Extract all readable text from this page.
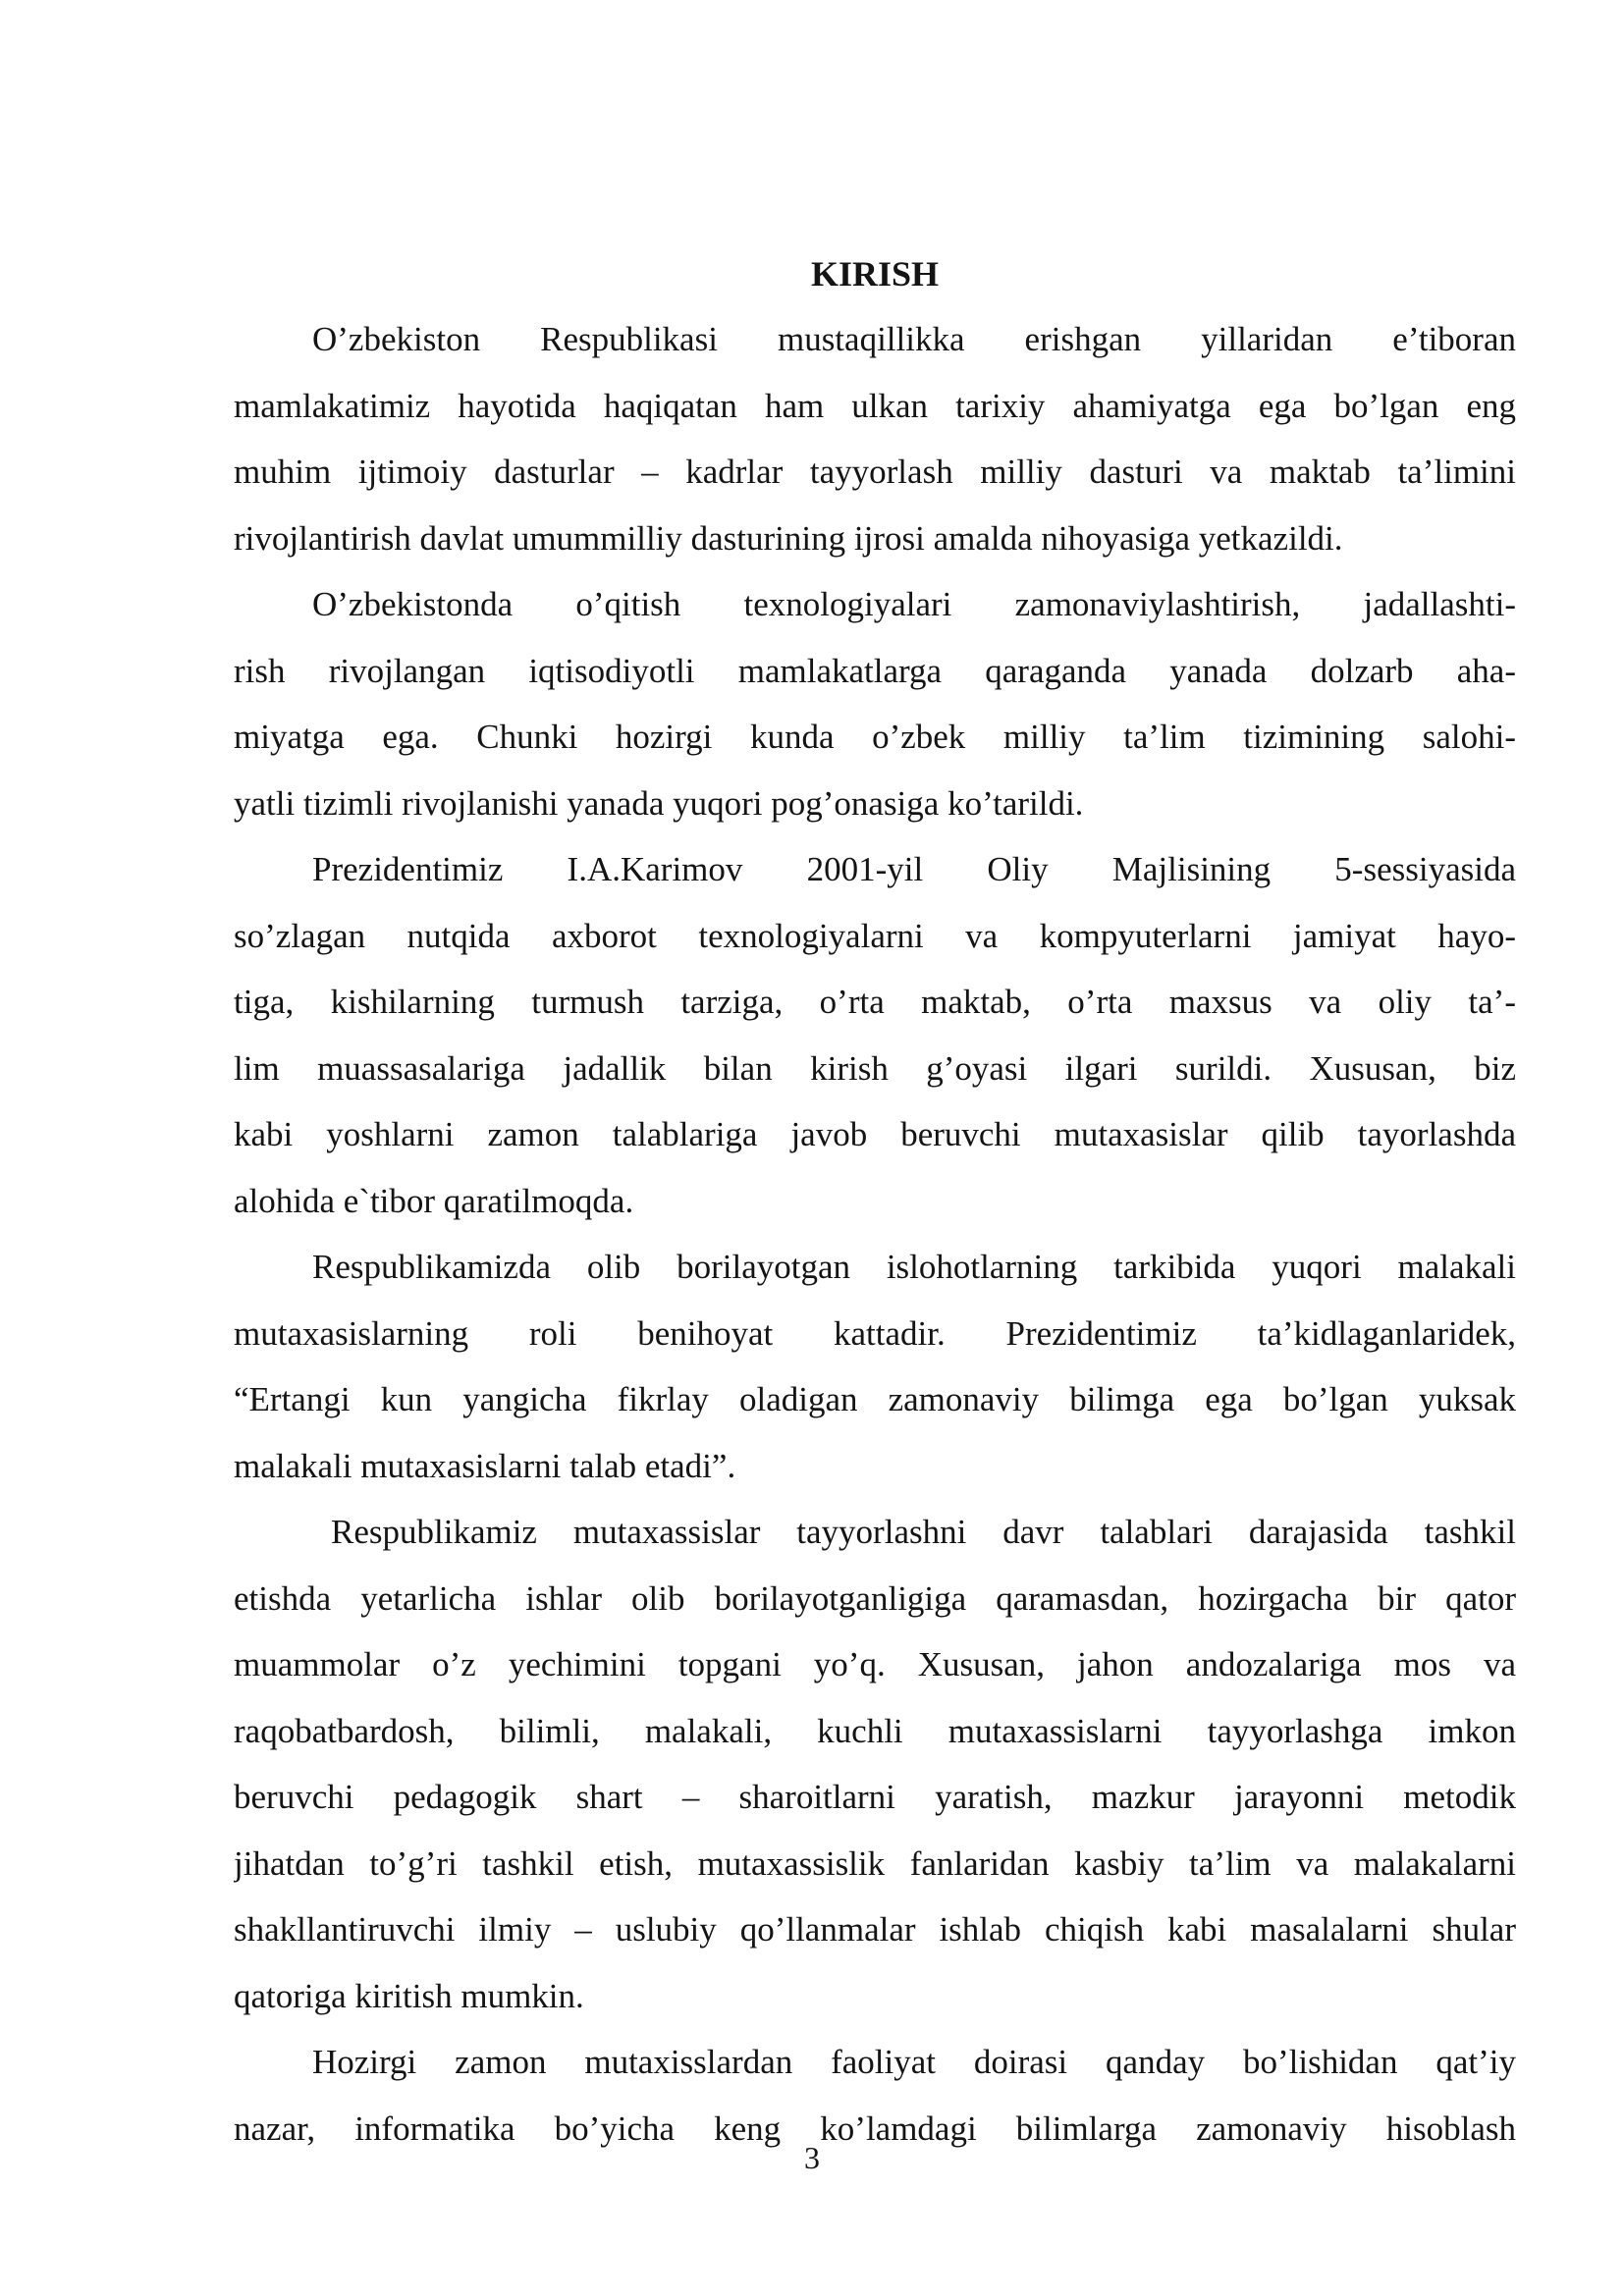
KIRISH

O’zbekiston Respublikasi mustaqillikka erishgan yillaridan e’tiboran
mamlakatimiz hayotida haqiqatan ham ulkan tarixiy ahamiyatga ega bo’lgan eng
muhim ijtimoiy dasturlar – kadrlar tayyorlash milliy dasturi va maktab ta’limini
rivojlantirish davlat umummilliy dasturining ijrosi amalda nihoyasiga yetkazildi.

O’zbekistonda o’qitish texnologiyalari zamonaviylashtirish, jadallashti-
rish rivojlangan iqtisodiyotli mamlakatlarga qaraganda yanada dolzarb aha-
miyatga ega. Chunki hozirgi kunda o’zbek milliy ta’lim tizimining salohi-
yatli tizimli rivojlanishi yanada yuqori pog’onasiga ko’tarildi.

Prezidentimiz I.A.Karimov 2001-yil Oliy Majlisining 5-sessiyasida
so’zlagan nutqida axborot texnologiyalarni va kompyuterlarni jamiyat hayo-
tiga, kishilarning turmush tarziga, o’rta maktab, o’rta maxsus va oliy ta’-
lim muassasalariga jadallik bilan kirish g’oyasi ilgari surildi. Xususan, biz
kabi yoshlarni zamon talablariga javob beruvchi mutaxasislar qilib tayorlashda
alohida e`tibor qaratilmoqda.

Respublikamizda olib borilayotgan islohotlarning tarkibida yuqori malakali
mutaxasislarning roli benihoyat kattadir. Prezidentimiz ta’kidlaganlaridek,
“Ertangi kun yangicha fikrlay oladigan zamonaviy bilimga ega bo’lgan yuksak
malakali mutaxasislarni talab etadi”.

Respublikamiz mutaxassislar tayyorlashni davr talablari darajasida tashkil
etishda yetarlicha ishlar olib borilayotganligiga qaramasdan, hozirgacha bir qator
muammolar o’z yechimini topgani yo’q. Xususan, jahon andozalariga mos va
raqobatbardosh, bilimli, malakali, kuchli mutaxassislarni tayyorlashga imkon
beruvchi pedagogik shart – sharoitlarni yaratish, mazkur jarayonni metodik
jihatdan to’g’ri tashkil etish, mutaxassislik fanlaridan kasbiy ta’lim va malakalarni
shakllantiruvchi ilmiy – uslubiy qo’llanmalar ishlab chiqish kabi masalalarni shular
qatoriga kiritish mumkin.

Hozirgi zamon mutaxisslardan faoliyat doirasi qanday bo’lishidan qat’iy
nazar, informatika bo’yicha keng ko’lamdagi bilimlarga zamonaviy hisoblash

3
